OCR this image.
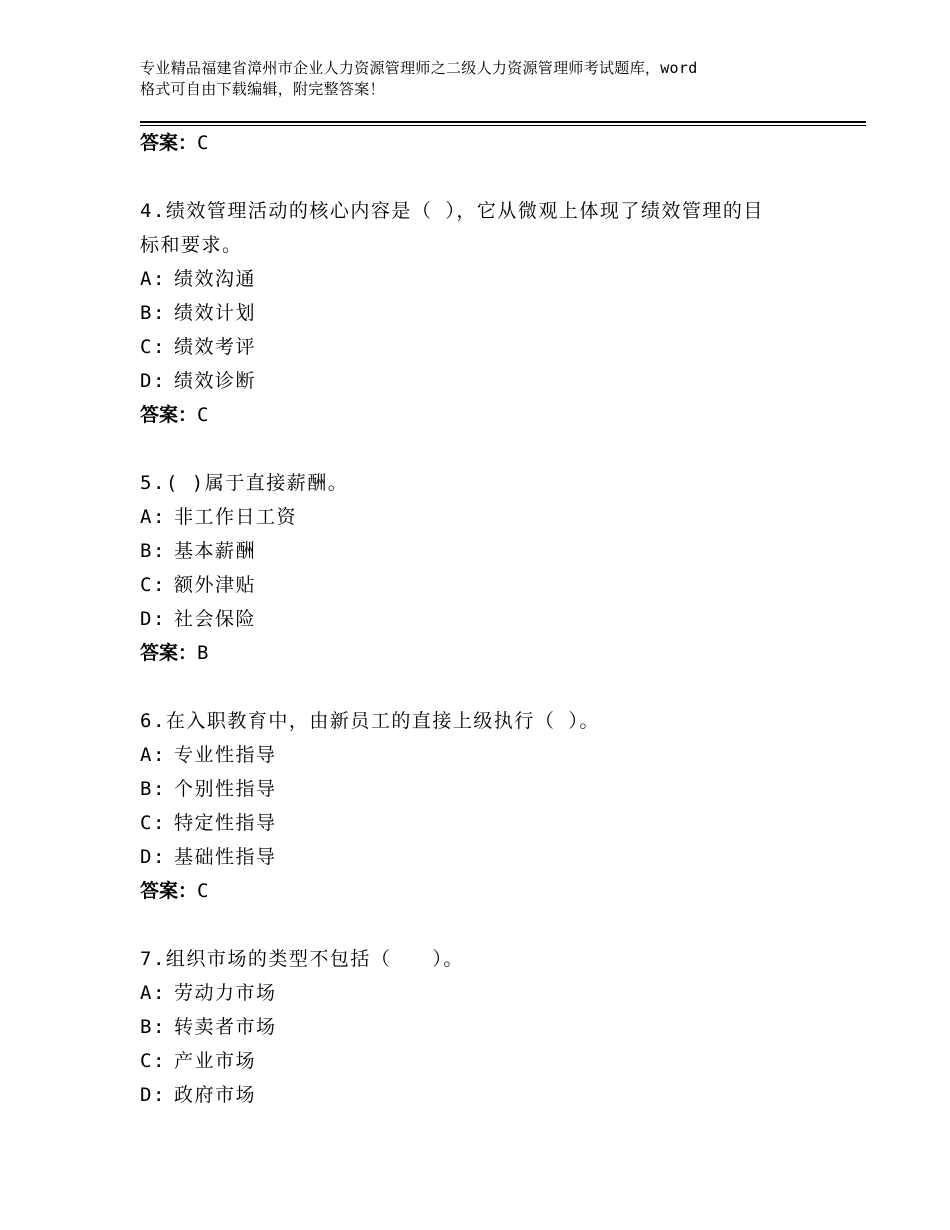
专业精品福建省漳州市企业人力资源管理师之二级人力资源管理师考试题库，word
格式可自由下载编辑，附完整答案！
答案：C
4.绩效管理活动的核心内容是（ ），它从微观上体现了绩效管理的目
标和要求。
A: 绩效沟通
B: 绩效计划
C: 绩效考评
D: 绩效诊断
答案：C
5.( )属于直接薪酬。
A: 非工作日工资
B: 基本薪酬
C: 额外津贴
D: 社会保险
答案：B
6.在入职教育中，由新员工的直接上级执行（ ）。
A: 专业性指导
B: 个别性指导
C: 特定性指导
D: 基础性指导
答案：C
7.组织市场的类型不包括（　　）。
A: 劳动力市场
B: 转卖者市场
C: 产业市场
D: 政府市场
